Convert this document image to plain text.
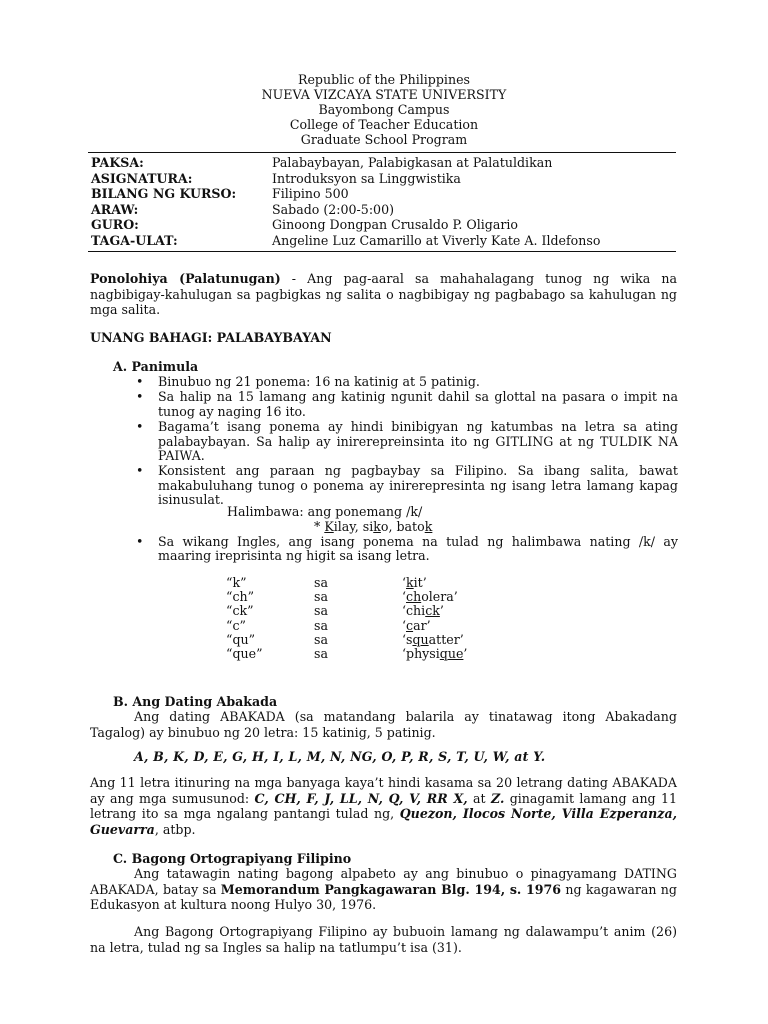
Republic of the Philippines
NUEVA VIZCAYA STATE UNIVERSITY
Bayombong Campus
College of Teacher Education
Graduate School Program
PAKSA:	Palabaybayan, Palabigkasan at Palatuldikan
ASIGNATURA:	Introduksyon sa Linggwistika
BILANG NG KURSO:	Filipino 500
ARAW:	Sabado (2:00-5:00)
GURO:	Ginoong Dongpan Crusaldo P. Oligario
TAGA-ULAT:	Angeline Luz Camarillo at Viverly Kate A. Ildefonso
Ponolohiya (Palatunugan) - Ang pag-aaral sa mahahalagang tunog ng wika na nagbibigay-kahulugan sa pagbigkas ng salita o nagbibigay ng pagbabago sa kahulugan ng mga salita.
UNANG BAHAGI: PALABAYBAYAN
A. Panimula
• Binubuo ng 21 ponema: 16 na katinig at 5 patinig.
• Sa halip na 15 lamang ang katinig ngunit dahil sa glottal na pasara o impit na tunog ay naging 16 ito.
• Bagama’t isang ponema ay hindi binibigyan ng katumbas na letra sa ating palabaybayan. Sa halip ay inirerepreinsinta ito ng GITLING at ng TULDIK NA PAIWA.
• Konsistent ang paraan ng pagbaybay sa Filipino. Sa ibang salita, bawat makabuluhang tunog o ponema ay inirerepresinta ng isang letra lamang kapag isinusulat.
Halimbawa: ang ponemang /k/
* Kilay, siko, batok
• Sa wikang Ingles, ang isang ponema na tulad ng halimbawa nating /k/ ay maaring ireprisinta ng higit sa isang letra.
“k”	sa	‘kit’
“ch”	sa	‘cholera’
“ck”	sa	‘chick’
“c”	sa	‘car’
“qu”	sa	‘squatter’
“que”	sa	‘physique’
B. Ang Dating Abakada
Ang dating ABAKADA (sa matandang balarila ay tinatawag itong Abakadang Tagalog) ay binubuo ng 20 letra: 15 katinig, 5 patinig.
A, B, K, D, E, G, H, I, L, M, N, NG, O, P, R, S, T, U, W, at Y.
Ang 11 letra itinuring na mga banyaga kaya’t hindi kasama sa 20 letrang dating ABAKADA ay ang mga sumusunod: C, CH, F, J, LL, N, Q, V, RR X, at Z. ginagamit lamang ang 11 letrang ito sa mga ngalang pantangi tulad ng, Quezon, Ilocos Norte, Villa Ezperanza, Guevarra, atbp.
C. Bagong Ortograpiyang Filipino
Ang tatawagin nating bagong alpabeto ay ang binubuo o pinagyamang DATING ABAKADA, batay sa Memorandum Pangkagawaran Blg. 194, s. 1976 ng kagawaran ng Edukasyon at kultura noong Hulyo 30, 1976.
Ang Bagong Ortograpiyang Filipino ay bubuoin lamang ng dalawampu’t anim (26) na letra, tulad ng sa Ingles sa halip na tatlumpu’t isa (31).
